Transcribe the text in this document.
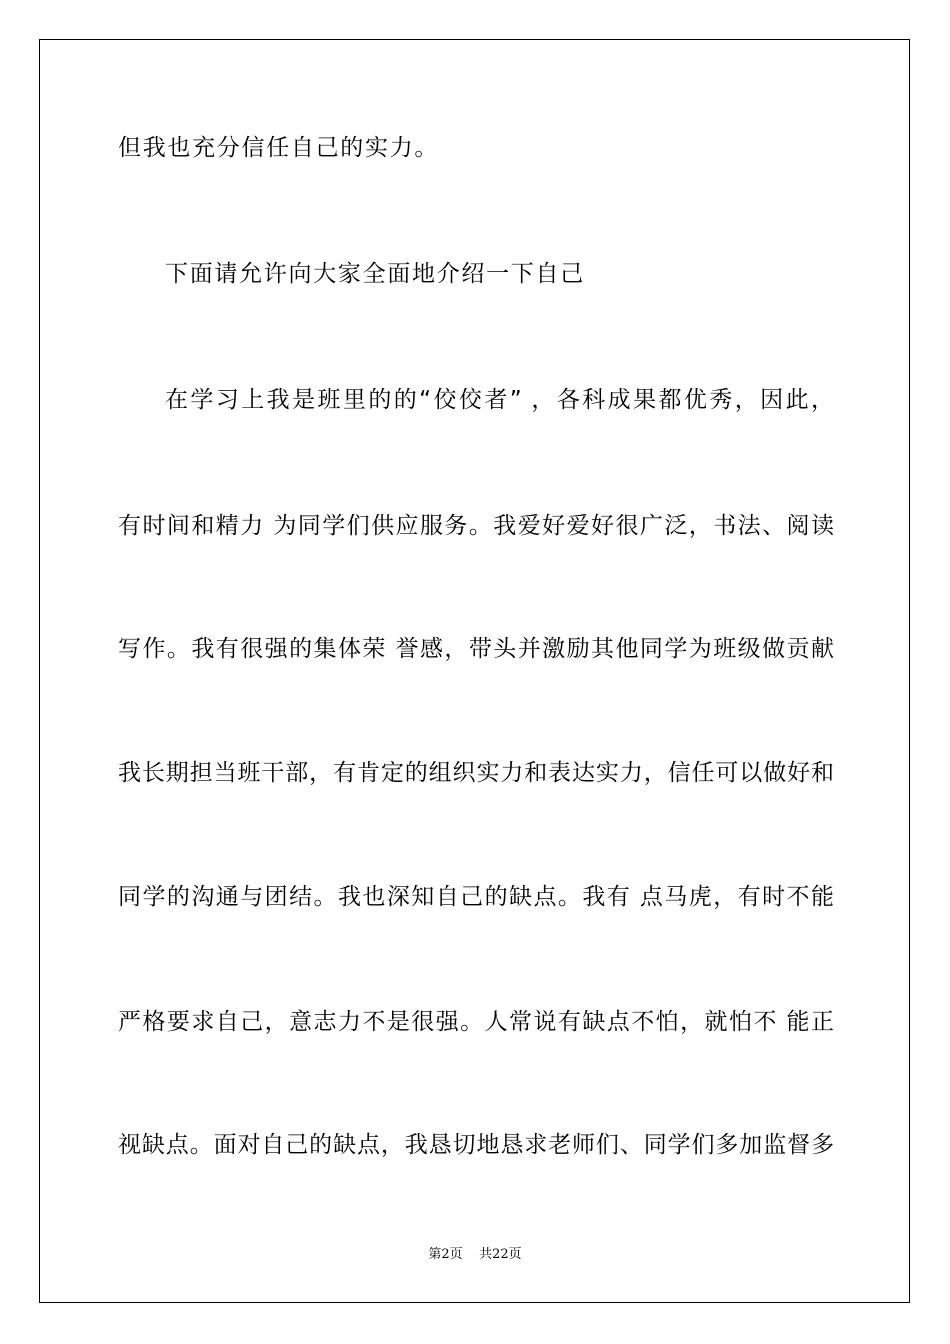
但我也充分信任自己的实力。
下面请允许向大家全面地介绍一下自己
在学习上我是班里的的“佼佼者” ，各科成果都优秀，因此，
有时间和精力 为同学们供应服务。我爱好爱好很广泛，书法、阅读
写作。我有很强的集体荣 誉感，带头并激励其他同学为班级做贡献
我长期担当班干部，有肯定的组织实力和表达实力，信任可以做好和
同学的沟通与团结。我也深知自己的缺点。我有 点马虎，有时不能
严格要求自己，意志力不是很强。人常说有缺点不怕，就怕不 能正
视缺点。面对自己的缺点，我恳切地恳求老师们、同学们多加监督多
第2页    共22页
